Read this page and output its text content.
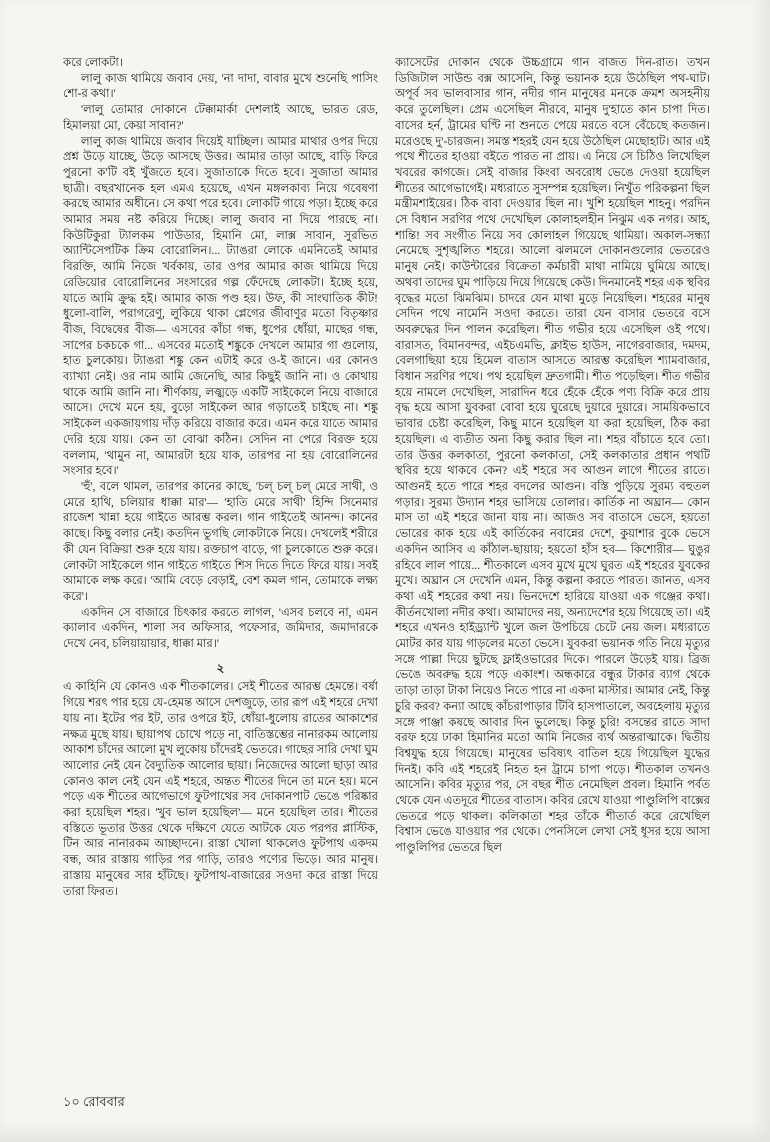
করে লোকটা।

লালু কাজ থামিয়ে জবাব দেয়, 'না দাদা, বাবার মুখে শুনেছি পাসিং শো-র কথা।'

'লালু তোমার দোকানে টেক্কামার্কা দেশলাই আছে, ভারত রেড, হিমালয়া মো, কেয়া সাবান?'

লালু কাজ থামিয়ে জবাব দিয়েই যাচ্ছিল। আমার মাথার ওপর দিয়ে প্রশ্ন উড়ে যাচ্ছে, উড়ে আসছে উত্তর। আমার তাড়া আছে, বাড়ি ফিরে পুরনো ক'টি বই খুঁজতে হবে। সুজাতাকে দিতে হবে। সুজাতা আমার ছাত্রী। বছরখানেক হল এমএ হয়েছে, এখন মঙ্গলকাব্য নিয়ে গবেষণা করছে আমার অধীনে। সে কথা পরে হবে। লোকটি গায়ে পড়া। ইচ্ছে করে আমার সময় নষ্ট করিয়ে দিচ্ছে। লালু জবাব না দিয়ে পারছে না। কিউটিকুরা ট্যালকম পাউডার, হিমানি মো, লাক্স সাবান, সুরভিত অ্যান্টিসেপটিক ক্রিম বোরোলিন।... ট্যাঙরা লোকে এমনিতেই আমার বিরক্তি, আমি নিজে খর্বকায়, তার ওপর আমার কাজ থামিয়ে দিয়ে রেডিয়োর বোরোলিনের সংসারের গল্প ফেঁদেছে লোকটা। ইচ্ছে হয়ে, যাতে আমি ক্রুদ্ধ হই। আমার কাজ পণ্ড হয়। উফ, কী সাংঘাতিক কীট! ধুলো-বালি, পরাগরেণু, লুকিয়ে থাকা প্লেগের জীবাণুর মতো বিতৃষ্ণার বীজ, বিদ্বেষের বীজ— এসবের কাঁচা গন্ধ, ধুপের ধোঁয়া, মাছের গন্ধ, সাপের চকচকে গা... এসবের মতোই শঙ্কুকে দেখলে আমার গা গুলোয়, হাত চুলকোয়। ট্যাঙরা শঙ্কু কেন এটাই করে ও-ই জানে। এর কোনও ব্যাখ্যা নেই। ওর নাম আমি জেনেছি, আর কিছুই জানি না। ও কোথায় থাকে আমি জানি না। শীর্ণকায়, লজ্ঝড়ে একটি সাইকেলে নিয়ে বাজারে আসে। দেখে মনে হয়, বুড়ো সাইকেল আর গড়াতেই চাইছে না। শঙ্কু সাইকেল একজায়গায় দাঁড় করিয়ে বাজার করে। এমন করে যাতে আমার দেরি হয়ে যায়। কেন তা বোঝা কঠিন। সেদিন না পেরে বিরক্ত হয়ে বললাম, 'থামুন না, আমারটা হয়ে যাক, তারপর না হয় বোরোলিনের সংসার হবে।'

'হুঁ', বলে থামল, তারপর কানের কাছে, 'চল্‌ চল্‌ চল্‌ মেরে সাথী, ও মেরে হাথি, চলিয়ার ধাক্কা মার'— 'হাতি মেরে সাথী' হিন্দি সিনেমার রাজেশ খান্না হয়ে গাইতে আরম্ভ করল। গান গাইতেই আনন্দ। কানের কাছে। কিছু বলার নেই। কতদিন ভুগছি লোকটাকে নিয়ে। দেখলেই শরীরে কী যেন বিক্রিয়া শুরু হয়ে যায়। রক্তচাপ বাড়ে, গা চুলকোতে শুরু করে। লোকটা সাইকেলে গান গাইতে গাইতে শিস দিতে দিতে ফিরে যায়। সবই আমাকে লক্ষ করে। 'আমি বেড়ে বেড়াই, বেশ কমল গান, তোমাকে লক্ষ্য করে'।

একদিন সে বাজারে চিৎকার করতে লাগল, 'এসব চলবে না, এমন ক্যালাব একদিন, শালা সব অফিসার, পফেসার, জমিদার, জমাদারকে দেখে নেব, চলিয়ায়ায়ার, ধাক্কা মার।'

২

এ কাহিনি যে কোনও এক শীতকালের। সেই শীতের আরম্ভ হেমন্তে। বর্ষা গিয়ে শরৎ পার হয়ে যে-হেমন্ত আসে দেশজুড়ে, তার রূপ এই শহরে দেখা যায় না। ইটের পর ইট, তার ওপরে ইট, ধোঁয়া-ধুলোয় রাতের আকাশের নক্ষত্র মুছে যায়। ছায়াপথ চোখে পড়ে না, বাতিস্তম্ভের নানারকম আলোয় আকাশ চাঁদের আলো মুখ লুকোয় চাঁদেরই ভেতরে। গাছের সারি দেখা ঘুম আলোর নেই যেন বৈদ্যুতিক আলোর ছায়া। নিজেদের আলো ছাড়া আর কোনও কাল নেই যেন এই শহরে, অন্তত শীতের দিনে তা মনে হয়। মনে পড়ে এক শীতের আগেভাগে ফুটপাথের সব দোকানপাট ভেঙে পরিষ্কার করা হয়েছিল শহর। 'খুব ভাল হয়েছিল'— মনে হয়েছিল তার। শীতের বস্তিতে ভূতার উত্তর থেকে দক্ষিণে যেতে আটকে যেত পরপর প্লাস্টিক, টিন আর নানারকম আচ্ছাদনে। রাস্তা খোলা থাকলেও ফুটপাথ একদম বন্ধ, আর রাস্তায় গাড়ির পর গাড়ি, তারও পণ্যের ভিড়ে। আর মানুষ। রাস্তায় মানুষের সার হাঁটছে। ফুটপাথ-বাজারের সওদা করে রাস্তা দিয়ে তারা ফিরত।

ক্যাসেটের দোকান থেকে উচ্চগ্রামে গান বাজত দিন-রাত। তখন ডিজিটাল সাউন্ড বক্স আসেনি, কিন্তু ভয়ানক হয়ে উঠেছিল পথ-ঘাট। অপূর্ব সব ভালবাসার গান, নদীর গান মানুষের মনকে ক্রমশ অসহনীয় করে তুলেছিল। প্রেম এসেছিল নীরবে, মানুষ দু'হাতে কান চাপা দিত। বাসের হর্ন, ট্রামের ঘণ্টি না শুনতে পেয়ে মরতে বসে বেঁচেছে কতজন। মরেওছে দু'-চারজন। সমস্ত শহরই যেন হয়ে উঠেছিল মেছোহাট। আর এই পথে শীতের হাওয়া বইতে পারত না প্রায়। এ নিয়ে সে চিঠিও লিখেছিল খবরের কাগজে। সেই বাজার কিংবা অবরোধ ভেঙে দেওয়া হয়েছিল শীতের আগেভাগেই। মধ্যরাতে সুসম্পন্ন হয়েছিল। নিখুঁত পরিকল্পনা ছিল মন্ত্রীমশাইয়ের। ঠিক বাবা দেওয়ার ছিল না। খুশি হয়েছিল শাহনু। পরদিন সে বিধান সরণির পথে দেখেছিল কোলাহলহীন নিঝুম এক নগর। আহ, শান্তি! সব সংগীত নিয়ে সব কোলাহল গিয়েছে থামিয়া। অকাল-সন্ধ্যা নেমেছে সুশৃঙ্খলিত শহরে। আলো ঝলমলে দোকানগুলোর ভেতরেও মানুষ নেই। কাউন্টারের বিক্রেতা কর্মচারী মাথা নামিয়ে ঘুমিয়ে আছে। অথবা তাদের ঘুম পাড়িয়ে দিয়ে গিয়েছে কেউ। দিনমানেই শহর এক স্থবির বৃদ্ধের মতো ঝিমঝিম। চাদরে যেন মাথা মুড়ে নিয়েছিল। শহরের মানুষ সেদিন পথে নামেনি সওদা করতে। তারা যেন বাসার ভেতরে বসে অবরুদ্ধের দিন পালন করেছিল। শীত গভীর হয়ে এসেছিল ওই পথে। বারাসত, বিমানবন্দর, এইচএমভি, ক্লাইভ হাউস, নাগেরবাজার, দমদম, বেলগাছিয়া হয়ে হিমেল বাতাস আসতে আরম্ভ করেছিল শ্যামবাজার, বিধান সরণির পথে। পথ হয়েছিল দ্রুতগামী। শীত পড়েছিল। শীত গভীর হয়ে নামলে দেখেছিল, সারাদিন ধরে হেঁকে হেঁকে পণ্য বিক্রি করে প্রায় বৃদ্ধ হয়ে আসা যুবকরা বোবা হয়ে ঘুরেছে দুয়ারে দুয়ারে। সাময়িকভাবে ভাবার চেষ্টা করেছিল, কিছু মানে হয়েছিল যা করা হয়েছিল, ঠিক করা হয়েছিল। এ ব্যতীত অন্য কিছু করার ছিল না। শহর বাঁচাতে হবে তো। তার উত্তর কলকাতা, পুরনো কলকাতা, সেই কলকাতার প্রধান পথটি স্থবির হয়ে থাকবে কেন? এই শহরে সব আগুন লাগে শীতের রাতে। আগুনই হতে পারে শহর বদলের আগুন। বস্তি পুড়িয়ে সুরম্য বহুতল গড়ার। সুরম্য উদ্যান শহর ভাসিয়ে তোলার। কার্তিক না অঘ্রান— কোন মাস তা এই শহরে জানা যায় না। আজও সব বাতাসে ভেসে, হয়তো ভোরের কাক হয়ে এই কার্তিকের নবান্নের দেশে, কুয়াশার বুকে ভেসে একদিন আসিব এ কাঁঠাল-ছায়ায়; হয়তো হাঁস হব— কিশোরীর— ঘুঙুর রহিবে লাল পায়ে... শীতকালে এসব মুখে মুখে ঘুরত এই শহরের যুবকের মুখে। অঘ্রান সে দেখেনি এমন, কিন্তু কল্পনা করতে পারত। জানত, এসব কথা এই শহরের কথা নয়। ভিনদেশে হারিয়ে যাওয়া এক গঞ্জের কথা। কীর্তনখোলা নদীর কথা। আমাদের নয়, অন্যদেশের হয়ে গিয়েছে তা। এই শহরে এখনও হাইড্র্যান্ট খুলে জল উপচিয়ে চেটে নেয় জল। মধ্যরাতে মোটর কার যায় গাড়লের মতো ভেসে। যুবকরা ভয়ানক গতি নিয়ে মৃত্যুর সঙ্গে পাল্লা দিয়ে ছুটছে ফ্লাইওভারের দিকে। পারলে উড়েই যায়। ব্রিজ ভেঙে অবরুদ্ধ হয়ে পড়ে একাংশ। অন্ধকারে বন্ধুর টাকার ব্যাগ থেকে তাড়া তাড়া টাকা নিয়েও নিতে পারে না একদা মাস্টার। আমার নেই, কিন্তু চুরি করব? কন্যা আছে কাঁচরাপাড়ার টিবি হাসপাতালে, অবহেলায় মৃত্যুর সঙ্গে পাঞ্জা কষছে আবার দিন ভুলেছে। কিন্তু চুরি! বসন্তের রাতে সাদা বরফ হয়ে ঢাকা হিমানির মতো আমি নিজের ব্যর্থ অন্তরাত্মাকে। দ্বিতীয় বিশ্বযুদ্ধ হয়ে গিয়েছে। মানুষের ভবিষ্যৎ বাতিল হয়ে গিয়েছিল যুদ্ধের দিনই। কবি এই শহরেই নিহত হন ট্রামে চাপা পড়ে। শীতকাল তখনও আসেনি। কবির মৃত্যুর পর, সে বছর শীত নেমেছিল প্রবল। হিমানি পর্বত থেকে যেন এতদূরে শীতের বাতাস। কবির রেখে যাওয়া পাণ্ডুলিপি বাক্সের ভেতরে পড়ে থাকল। কলিকাতা শহর তাঁকে শীতার্ত করে রেখেছিল বিশ্বাস ভেঙে যাওয়ার পর থেকে। পেনসিলে লেখা সেই ধূসর হয়ে আসা পাণ্ডুলিপির ভেতরে ছিল

১০ রোববার
